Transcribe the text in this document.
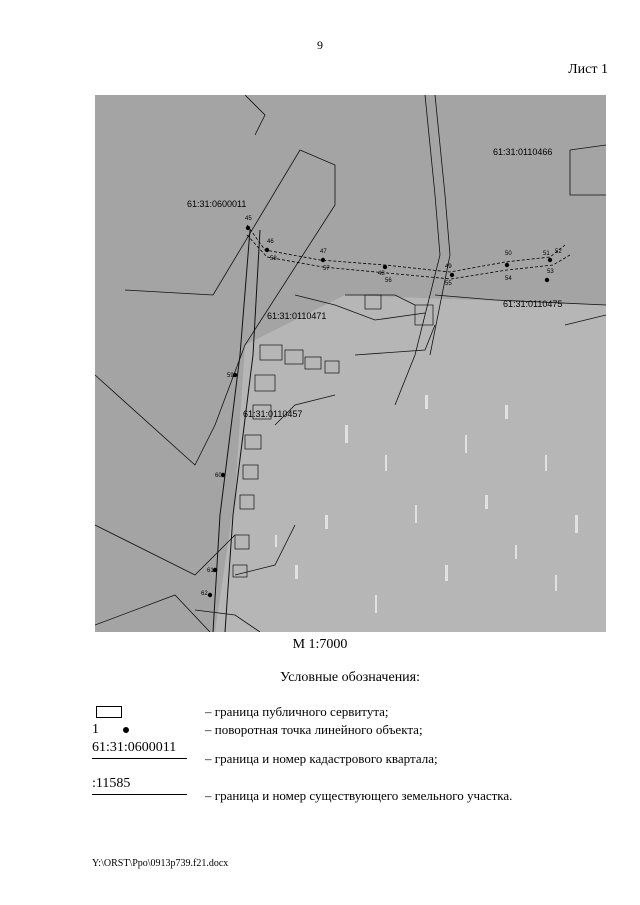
9
Лист 1
45
46
47
48
49
50	51 52
53
54
55
56
57
58
59
60
61
62
61:31:0600011
61:31:0110466
61:31:0110471
61:31:0110475
61:31:0110457
М 1:7000
Условные обозначения:
– граница публичного сервитута;
1	– поворотная точка линейного объекта;
61:31:0600011
– граница и номер кадастрового квартала;
:11585
– граница и номер существующего земельного участка.
Y:\ORST\Ppo\0913p739.f21.docx
